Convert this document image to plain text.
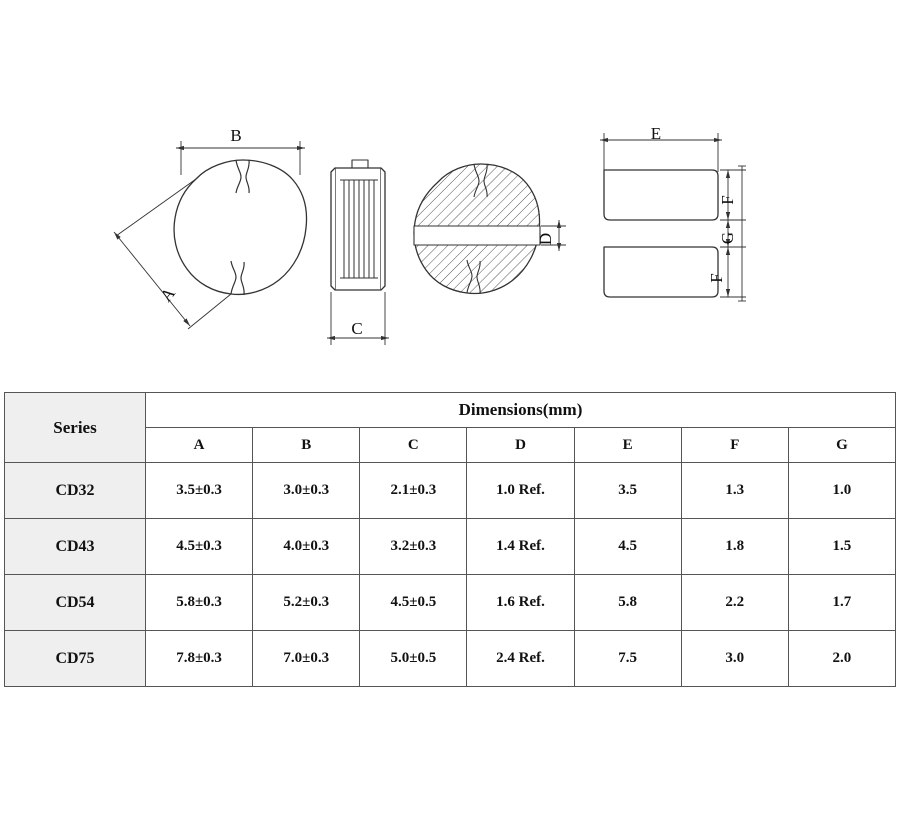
B
A
C
D
E
F
G
F
Series	Dimensions(mm)						
	A	B	C	D	E	F	G
CD32	3.5±0.3	3.0±0.3	2.1±0.3	1.0 Ref.	3.5	1.3	1.0
CD43	4.5±0.3	4.0±0.3	3.2±0.3	1.4 Ref.	4.5	1.8	1.5
CD54	5.8±0.3	5.2±0.3	4.5±0.5	1.6 Ref.	5.8	2.2	1.7
CD75	7.8±0.3	7.0±0.3	5.0±0.5	2.4 Ref.	7.5	3.0	2.0
